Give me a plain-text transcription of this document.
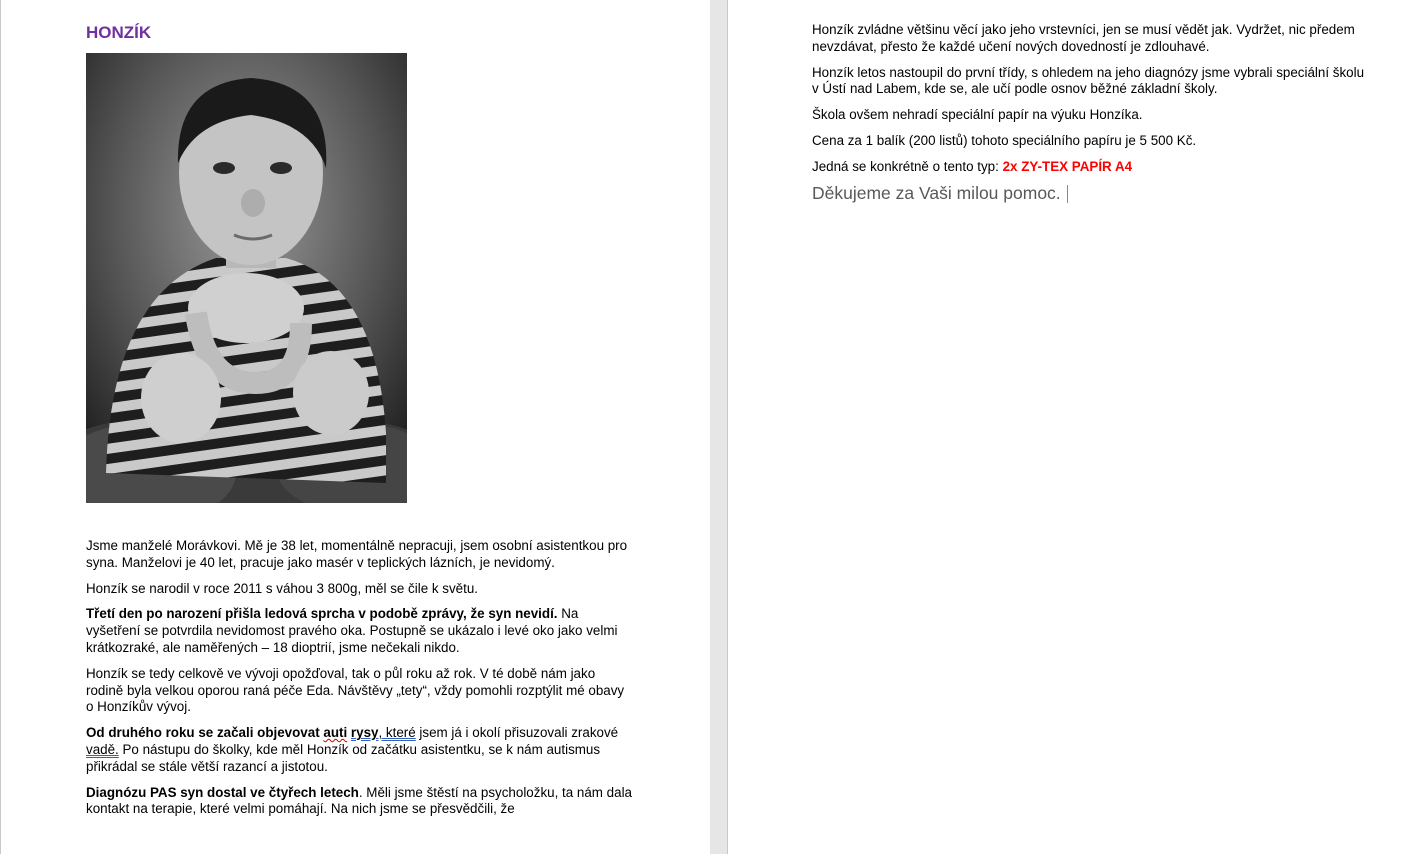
HONZÍK

Jsme manželé Morávkovi. Mě je 38 let, momentálně nepracuji, jsem osobní asistentkou pro syna. Manželovi je 40 let, pracuje jako masér v teplických lázních, je nevidomý.

Honzík se narodil v roce 2011 s váhou 3 800g, měl se čile k světu.

Třetí den po narození přišla ledová sprcha v podobě zprávy, že syn nevidí. Na vyšetření se potvrdila nevidomost pravého oka. Postupně se ukázalo i levé oko jako velmi krátkozraké, ale naměřených – 18 dioptrií, jsme nečekali nikdo.

Honzík se tedy celkově ve vývoji opožďoval, tak o půl roku až rok. V té době nám jako rodině byla velkou oporou raná péče Eda. Návštěvy „tety“, vždy pomohli rozptýlit mé obavy o Honzíkův vývoj.

Od druhého roku se začali objevovat auti rysy, které jsem já i okolí přisuzovali zrakové vadě. Po nástupu do školky, kde měl Honzík od začátku asistentku, se k nám autismus přikrádal se stále větší razancí a jistotou.

Diagnózu PAS syn dostal ve čtyřech letech. Měli jsme štěstí na psycholožku, ta nám dala kontakt na terapie, které velmi pomáhají. Na nich jsme se přesvědčili, že

Honzík zvládne většinu věcí jako jeho vrstevníci, jen se musí vědět jak. Vydržet, nic předem nevzdávat, přesto že každé učení nových dovedností je zdlouhavé.

Honzík letos nastoupil do první třídy, s ohledem na jeho diagnózy jsme vybrali speciální školu v Ústí nad Labem, kde se, ale učí podle osnov běžné základní školy.

Škola ovšem nehradí speciální papír na výuku Honzíka.

Cena za 1 balík (200 listů) tohoto speciálního papíru je 5 500 Kč.

Jedná se konkrétně o tento typ: 2x ZY-TEX PAPÍR A4

Děkujeme za Vaši milou pomoc.
